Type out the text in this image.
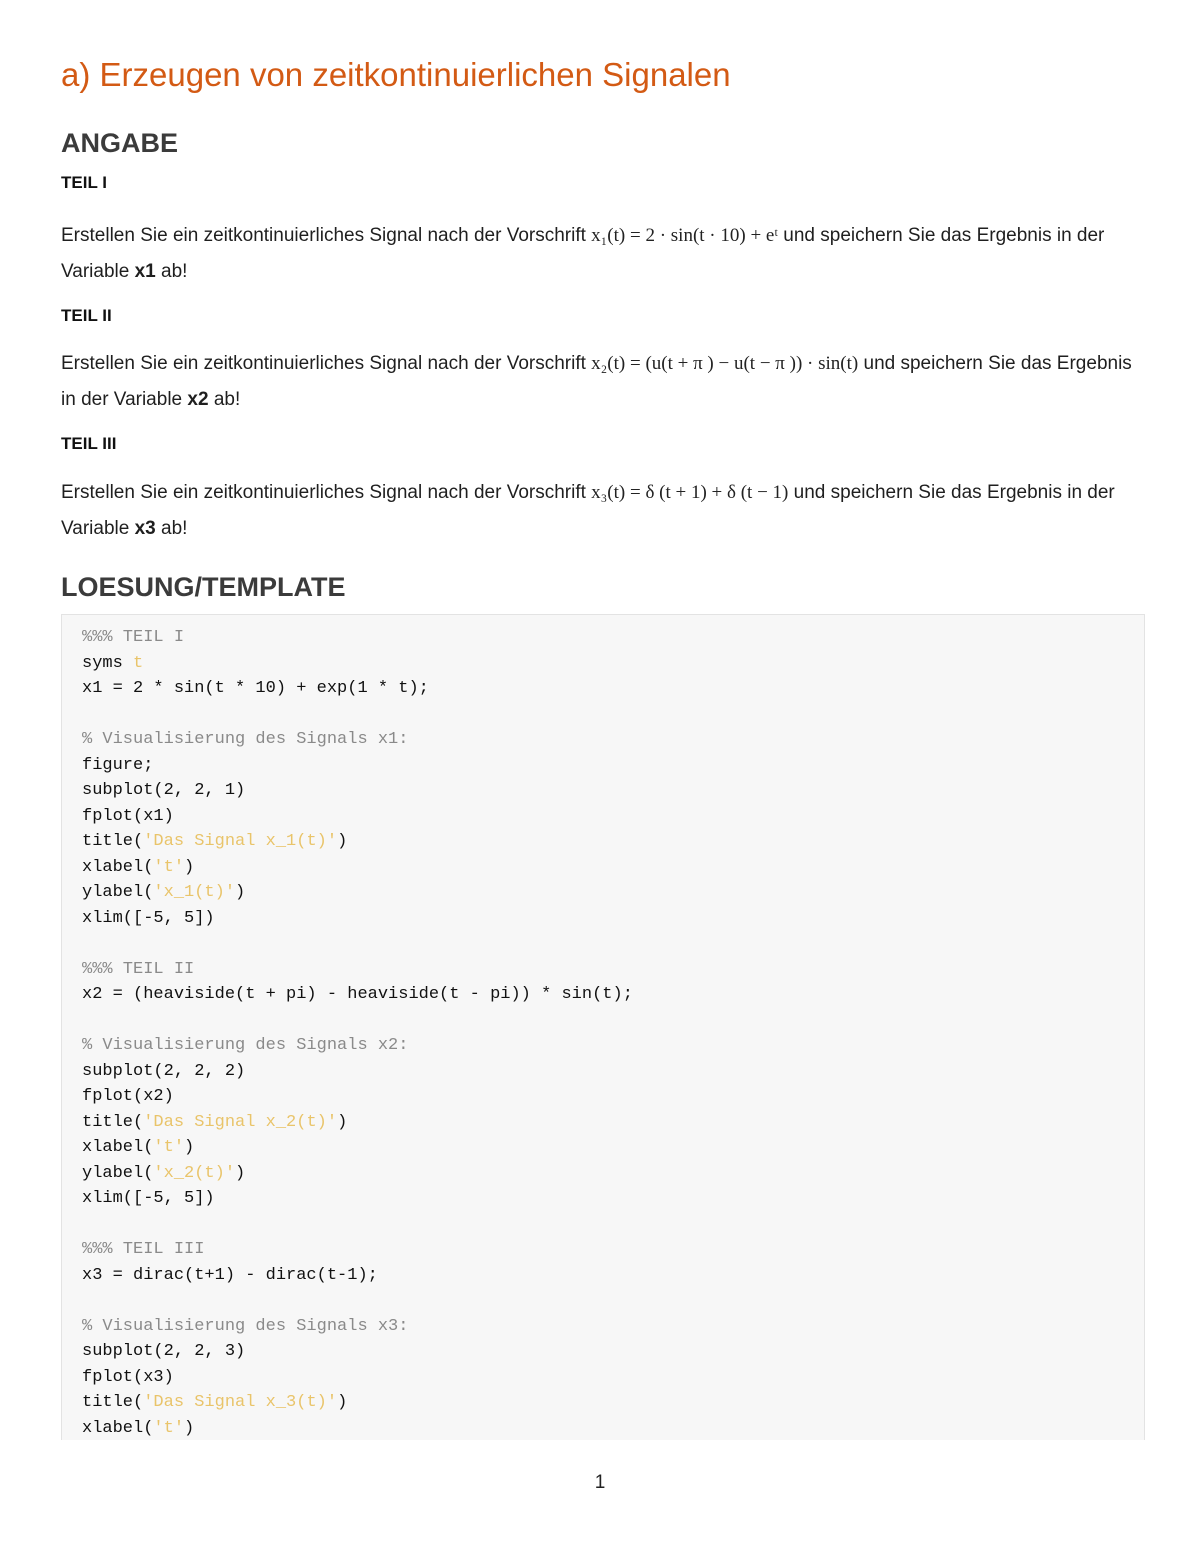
a) Erzeugen von zeitkontinuierlichen Signalen
ANGABE
TEIL I

Erstellen Sie ein zeitkontinuierliches Signal nach der Vorschrift x₁(t) = 2 · sin(t · 10) + eᵗ und speichern Sie das Ergebnis in der Variable x1 ab!

TEIL II

Erstellen Sie ein zeitkontinuierliches Signal nach der Vorschrift x₂(t) = (u(t + π ) − u(t − π )) · sin(t) und speichern Sie das Ergebnis in der Variable x2 ab!

TEIL III

Erstellen Sie ein zeitkontinuierliches Signal nach der Vorschrift x₃(t) = δ (t + 1) + δ (t − 1) und speichern Sie das Ergebnis in der Variable x3 ab!

LOESUNG/TEMPLATE
%%% TEIL I
syms t
x1 = 2 * sin(t * 10) + exp(1 * t);
% Visualisierung des Signals x1:
figure;
subplot(2, 2, 1)
fplot(x1)
title('Das Signal x_1(t)')
xlabel('t')
ylabel('x_1(t)')
xlim([-5, 5])
%%% TEIL II
x2 = (heaviside(t + pi) - heaviside(t - pi)) * sin(t);
% Visualisierung des Signals x2:
subplot(2, 2, 2)
fplot(x2)
title('Das Signal x_2(t)')
xlabel('t')
ylabel('x_2(t)')
xlim([-5, 5])
%%% TEIL III
x3 = dirac(t+1) - dirac(t-1);
% Visualisierung des Signals x3:
subplot(2, 2, 3)
fplot(x3)
title('Das Signal x_3(t)')
xlabel('t')
1
